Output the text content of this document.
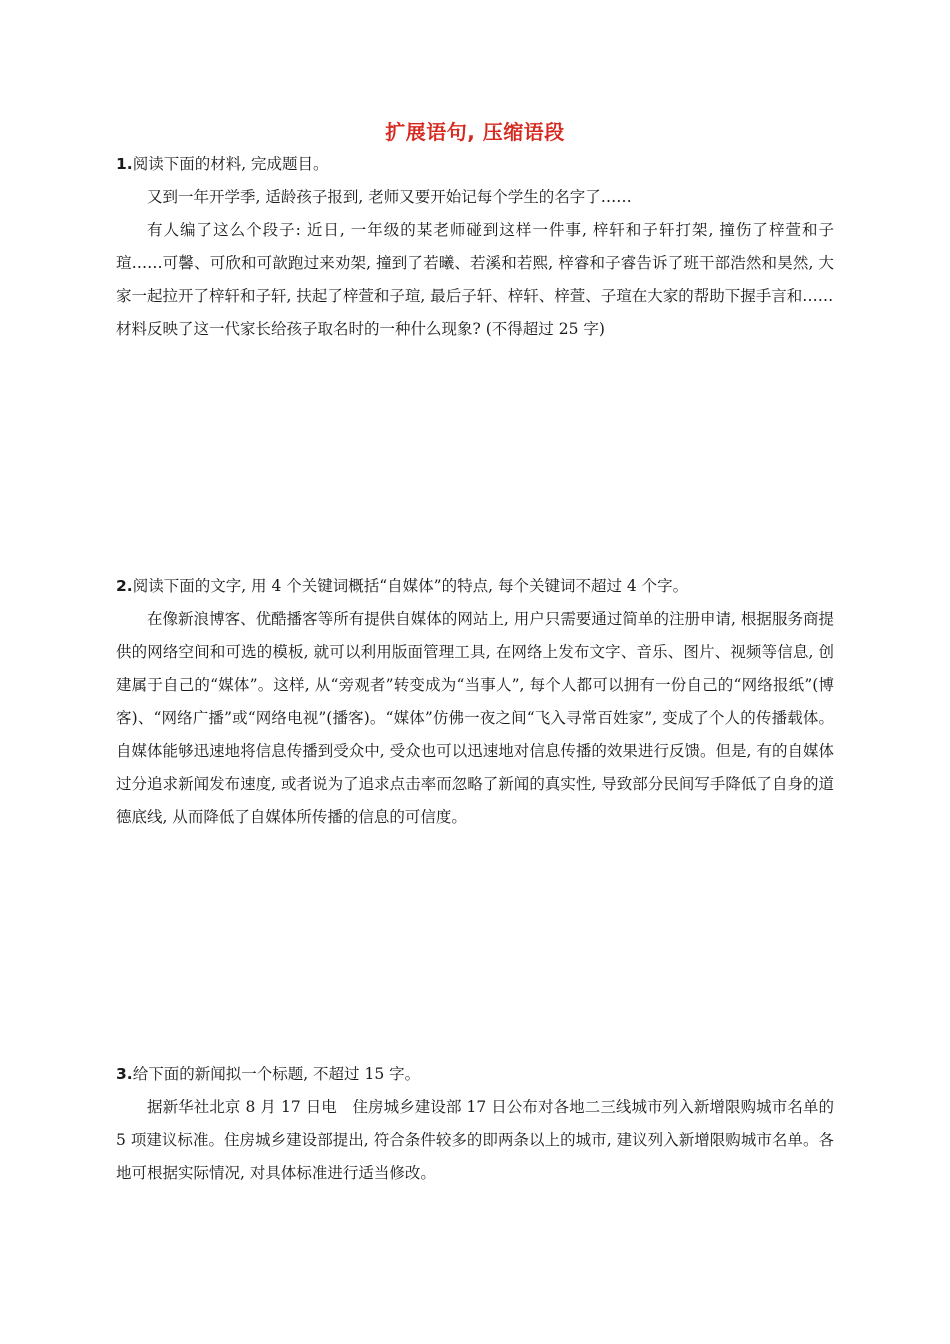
扩展语句, 压缩语段

1.阅读下面的材料, 完成题目。

又到一年开学季, 适龄孩子报到, 老师又要开始记每个学生的名字了……

有人编了这么个段子: 近日, 一年级的某老师碰到这样一件事, 梓轩和子轩打架, 撞伤了梓萱和子瑄……可馨、可欣和可歆跑过来劝架, 撞到了若曦、若溪和若熙, 梓睿和子睿告诉了班干部浩然和昊然, 大家一起拉开了梓轩和子轩, 扶起了梓萱和子瑄, 最后子轩、梓轩、梓萱、子瑄在大家的帮助下握手言和……

材料反映了这一代家长给孩子取名时的一种什么现象? (不得超过 25 字)

2.阅读下面的文字, 用 4 个关键词概括“自媒体”的特点, 每个关键词不超过 4 个字。

在像新浪博客、优酷播客等所有提供自媒体的网站上, 用户只需要通过简单的注册申请, 根据服务商提供的网络空间和可选的模板, 就可以利用版面管理工具, 在网络上发布文字、音乐、图片、视频等信息, 创建属于自己的“媒体”。这样, 从“旁观者”转变成为“当事人”, 每个人都可以拥有一份自己的“网络报纸”(博客)、“网络广播”或“网络电视”(播客)。“媒体”仿佛一夜之间“飞入寻常百姓家”, 变成了个人的传播载体。自媒体能够迅速地将信息传播到受众中, 受众也可以迅速地对信息传播的效果进行反馈。但是, 有的自媒体过分追求新闻发布速度, 或者说为了追求点击率而忽略了新闻的真实性, 导致部分民间写手降低了自身的道德底线, 从而降低了自媒体所传播的信息的可信度。

3.给下面的新闻拟一个标题, 不超过 15 字。

据新华社北京 8 月 17 日电　住房城乡建设部 17 日公布对各地二三线城市列入新增限购城市名单的 5 项建议标准。住房城乡建设部提出, 符合条件较多的即两条以上的城市, 建议列入新增限购城市名单。各地可根据实际情况, 对具体标准进行适当修改。
